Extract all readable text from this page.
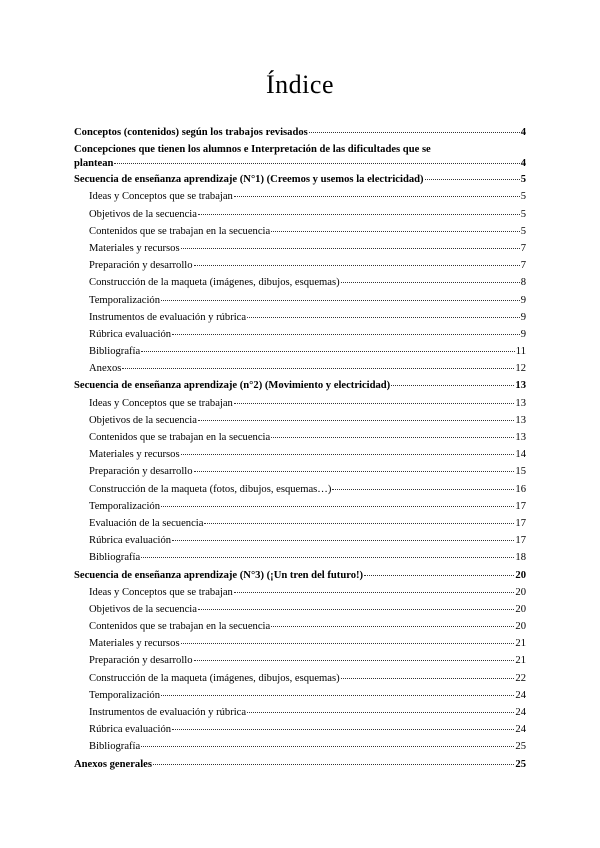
Índice
Conceptos (contenidos) según los trabajos revisados	4
Concepciones que tienen los alumnos e Interpretación de las dificultades que se
plantean	4
Secuencia de enseñanza aprendizaje (N°1) (Creemos y usemos la electricidad)	5
Ideas y Conceptos que se trabajan	5
Objetivos de la secuencia	5
Contenidos que se trabajan en la secuencia	5
Materiales y recursos	7
Preparación y desarrollo	7
Construcción de la maqueta (imágenes, dibujos, esquemas)	8
Temporalización	9
Instrumentos de evaluación y rúbrica	9
Rúbrica evaluación	9
Bibliografía	11
Anexos	12
Secuencia de enseñanza aprendizaje (n°2) (Movimiento y electricidad)	13
Ideas y Conceptos que se trabajan	13
Objetivos de la secuencia	13
Contenidos que se trabajan en la secuencia	13
Materiales y recursos	14
Preparación y desarrollo	15
Construcción de la maqueta (fotos, dibujos, esquemas…)	16
Temporalización	17
Evaluación de la secuencia	17
Rúbrica evaluación	17
Bibliografía	18
Secuencia de enseñanza aprendizaje (N°3) (¡Un tren del futuro!)	20
Ideas y Conceptos que se trabajan	20
Objetivos de la secuencia	20
Contenidos que se trabajan en la secuencia	20
Materiales y recursos	21
Preparación y desarrollo	21
Construcción de la maqueta (imágenes, dibujos, esquemas)	22
Temporalización	24
Instrumentos de evaluación y rúbrica	24
Rúbrica evaluación	24
Bibliografía	25
Anexos generales	25
